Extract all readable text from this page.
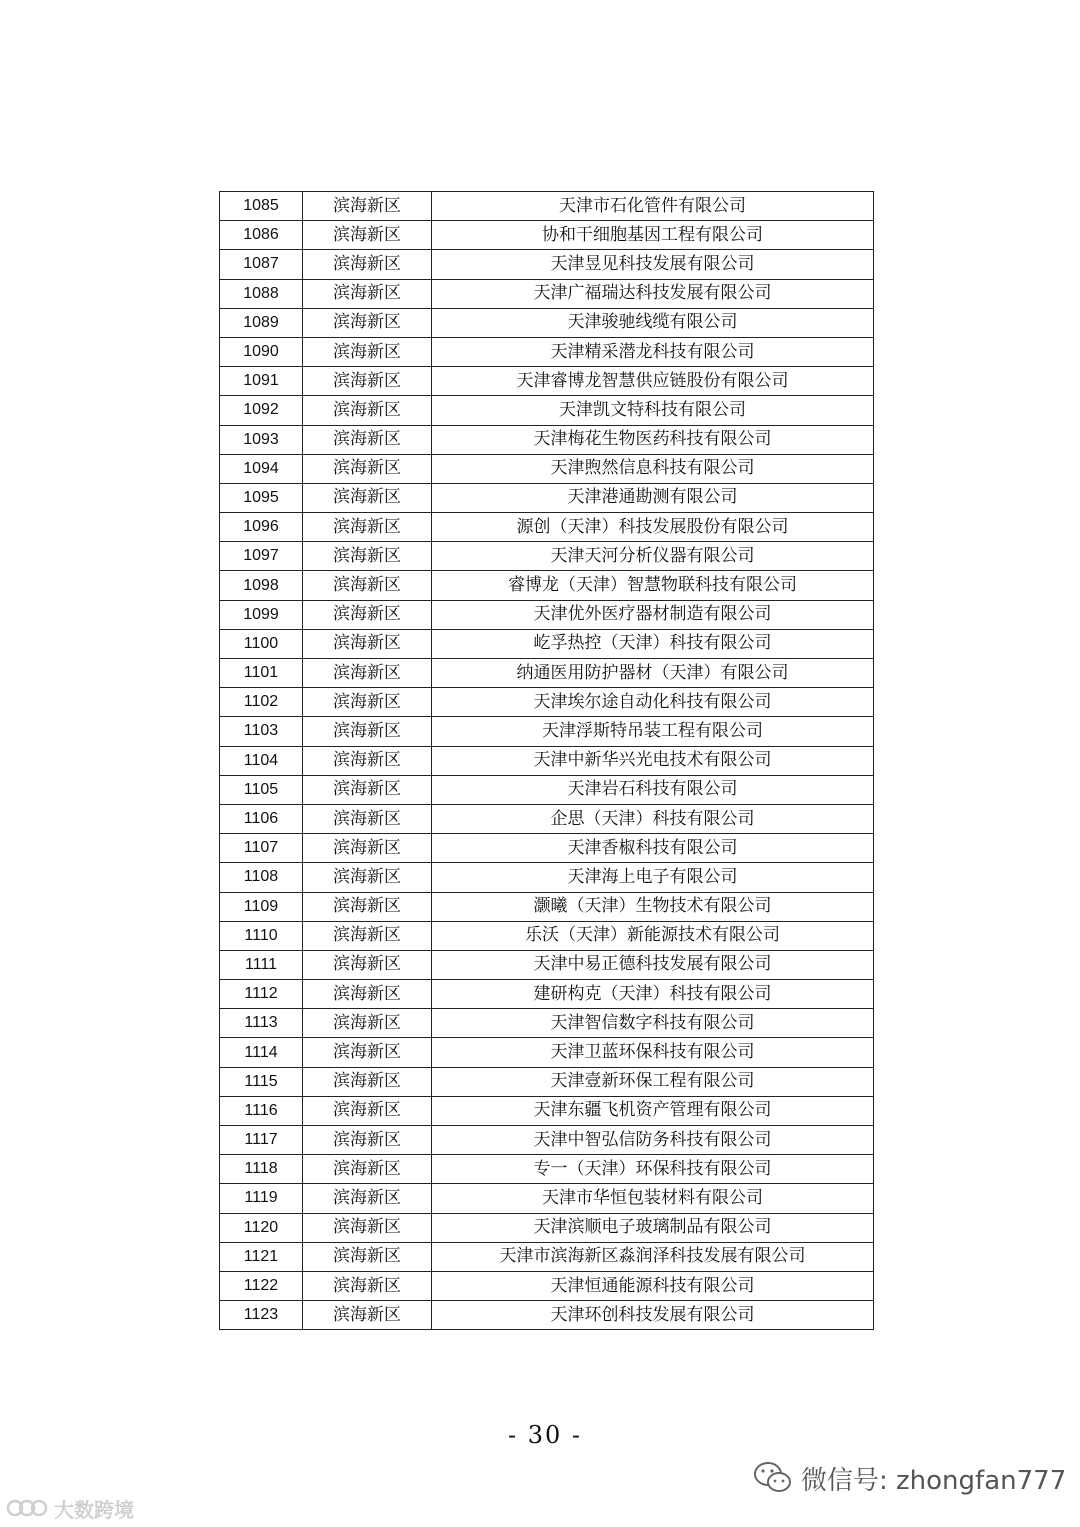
1085	滨海新区	天津市石化管件有限公司
1086	滨海新区	协和干细胞基因工程有限公司
1087	滨海新区	天津昱见科技发展有限公司
1088	滨海新区	天津广福瑞达科技发展有限公司
1089	滨海新区	天津骏驰线缆有限公司
1090	滨海新区	天津精采潜龙科技有限公司
1091	滨海新区	天津睿博龙智慧供应链股份有限公司
1092	滨海新区	天津凯文特科技有限公司
1093	滨海新区	天津梅花生物医药科技有限公司
1094	滨海新区	天津煦然信息科技有限公司
1095	滨海新区	天津港通勘测有限公司
1096	滨海新区	源创（天津）科技发展股份有限公司
1097	滨海新区	天津天河分析仪器有限公司
1098	滨海新区	睿博龙（天津）智慧物联科技有限公司
1099	滨海新区	天津优外医疗器材制造有限公司
1100	滨海新区	屹孚热控（天津）科技有限公司
1101	滨海新区	纳通医用防护器材（天津）有限公司
1102	滨海新区	天津埃尔途自动化科技有限公司
1103	滨海新区	天津浮斯特吊装工程有限公司
1104	滨海新区	天津中新华兴光电技术有限公司
1105	滨海新区	天津岩石科技有限公司
1106	滨海新区	企思（天津）科技有限公司
1107	滨海新区	天津香椒科技有限公司
1108	滨海新区	天津海上电子有限公司
1109	滨海新区	灏曦（天津）生物技术有限公司
1110	滨海新区	乐沃（天津）新能源技术有限公司
1111	滨海新区	天津中易正德科技发展有限公司
1112	滨海新区	建研构克（天津）科技有限公司
1113	滨海新区	天津智信数字科技有限公司
1114	滨海新区	天津卫蓝环保科技有限公司
1115	滨海新区	天津壹新环保工程有限公司
1116	滨海新区	天津东疆飞机资产管理有限公司
1117	滨海新区	天津中智弘信防务科技有限公司
1118	滨海新区	专一（天津）环保科技有限公司
1119	滨海新区	天津市华恒包装材料有限公司
1120	滨海新区	天津滨顺电子玻璃制品有限公司
1121	滨海新区	天津市滨海新区淼润泽科技发展有限公司
1122	滨海新区	天津恒通能源科技有限公司
1123	滨海新区	天津环创科技发展有限公司
- 30 -
微信号: zhongfan777
大数跨境
